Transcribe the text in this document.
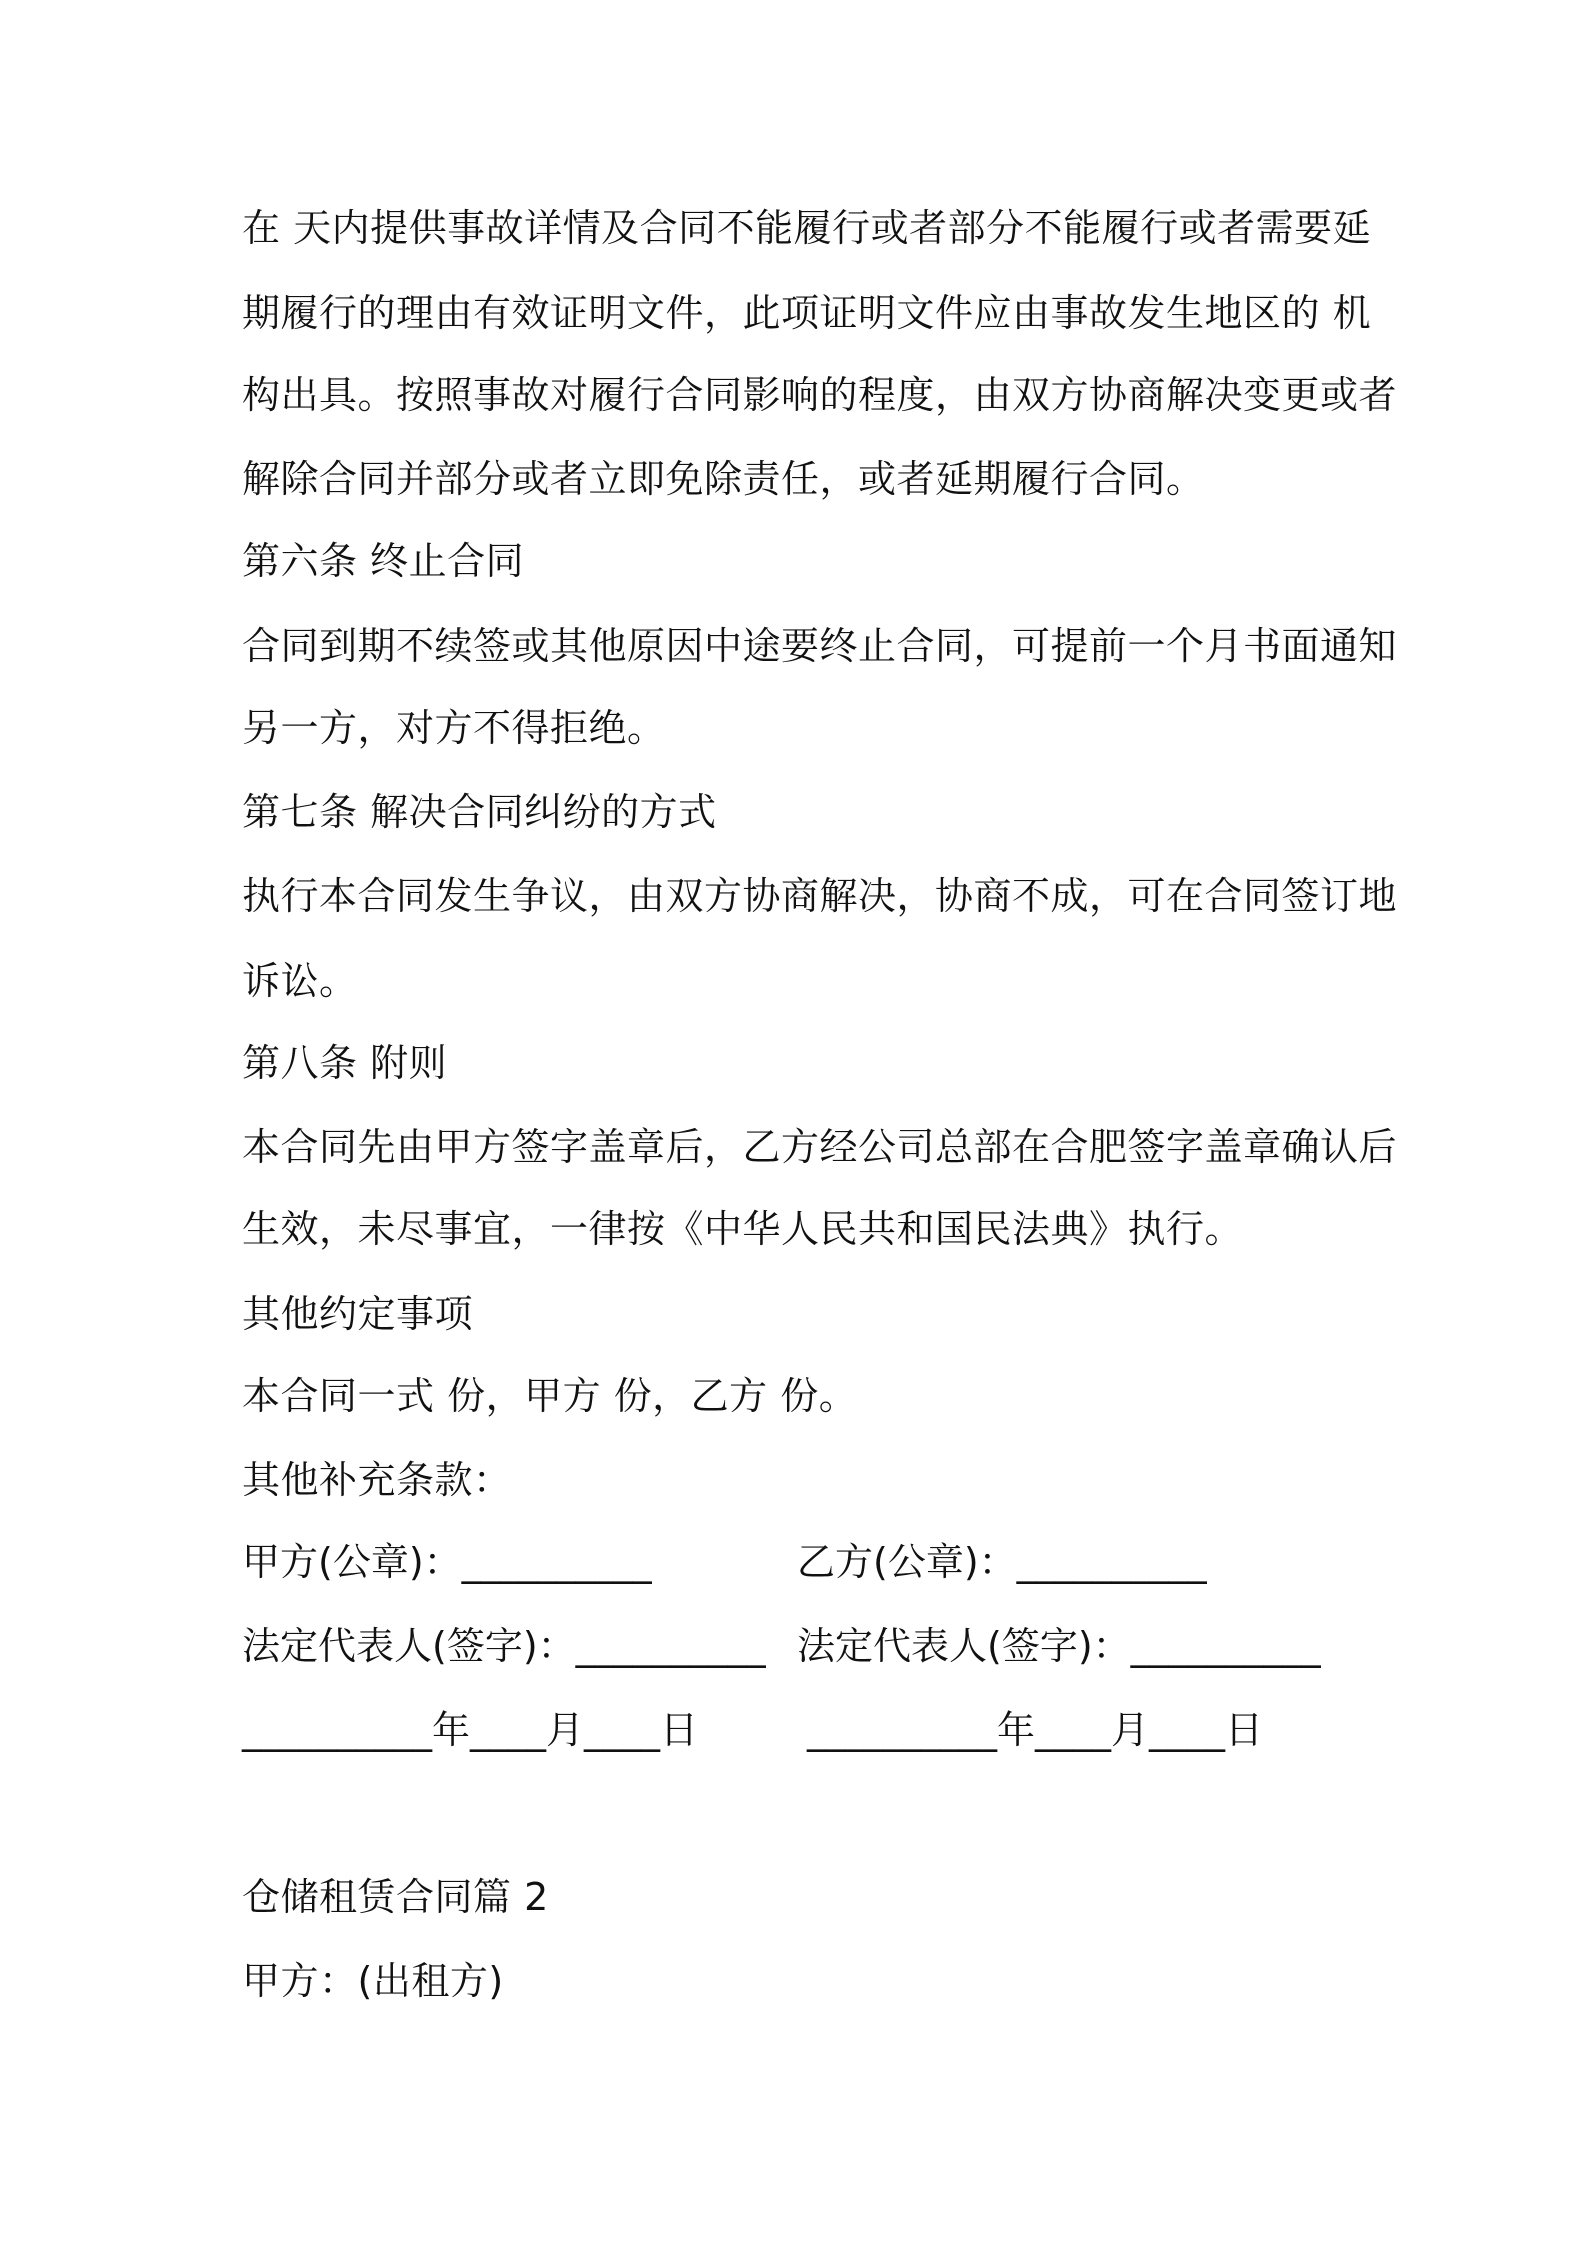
在 天内提供事故详情及合同不能履行或者部分不能履行或者需要延
期履行的理由有效证明文件，此项证明文件应由事故发生地区的 机
构出具。按照事故对履行合同影响的程度，由双方协商解决变更或者
解除合同并部分或者立即免除责任，或者延期履行合同。
第六条 终止合同
合同到期不续签或其他原因中途要终止合同，可提前一个月书面通知
另一方，对方不得拒绝。
第七条 解决合同纠纷的方式
执行本合同发生争议，由双方协商解决，协商不成，可在合同签订地
诉讼。
第八条 附则
本合同先由甲方签字盖章后，乙方经公司总部在合肥签字盖章确认后
生效，未尽事宜，一律按《中华人民共和国民法典》执行。
其他约定事项
本合同一式 份，甲方 份，乙方 份。
其他补充条款：
甲方(公章)：__________	乙方(公章)：__________
法定代表人(签字)：__________ 法定代表人(签字)：__________
__________年____月____日	__________年____月____日
仓储租赁合同篇 2
甲方：(出租方)
